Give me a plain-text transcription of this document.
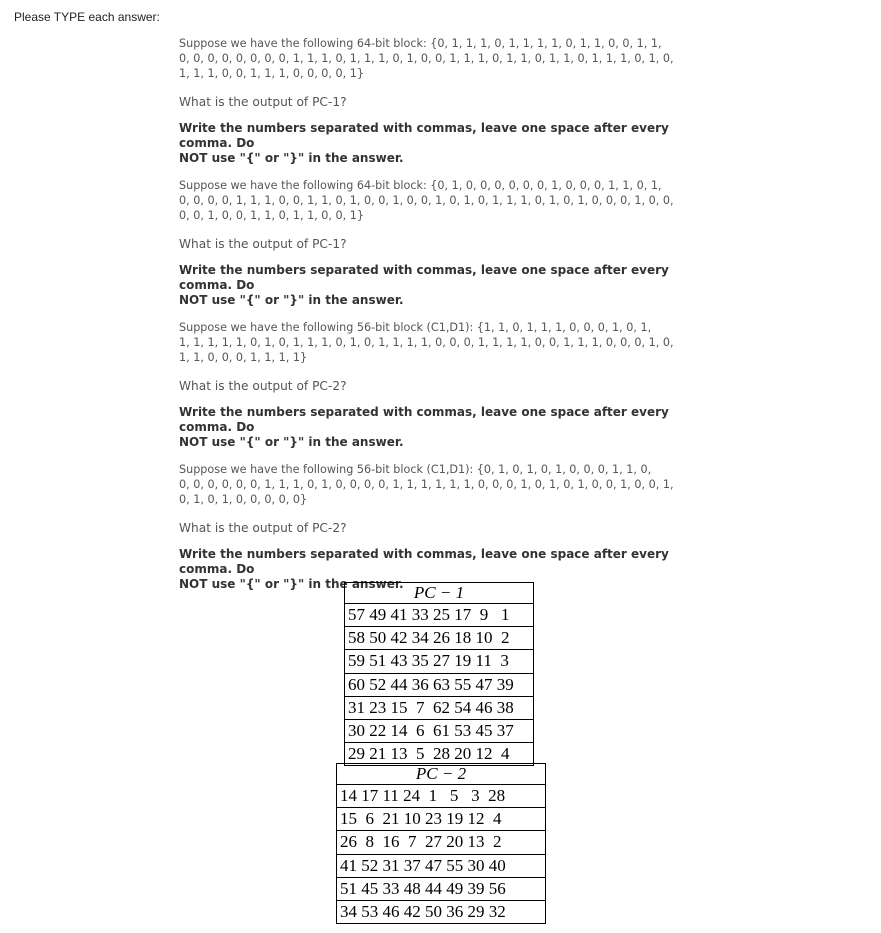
Please TYPE each answer:
Suppose we have the following 64-bit block: {0, 1, 1, 1, 0, 1, 1, 1, 1, 0, 1, 1, 0, 0, 1, 1,
0, 0, 0, 0, 0, 0, 0, 0, 1, 1, 1, 0, 1, 1, 1, 0, 1, 0, 0, 1, 1, 1, 0, 1, 1, 0, 1, 1, 0, 1, 1, 1, 0, 1, 0,
1, 1, 1, 0, 0, 1, 1, 1, 0, 0, 0, 0, 1}
What is the output of PC-1?
Write the numbers separated with commas, leave one space after every comma. Do
NOT use "{" or "}" in the answer.
Suppose we have the following 64-bit block: {0, 1, 0, 0, 0, 0, 0, 0, 1, 0, 0, 0, 1, 1, 0, 1,
0, 0, 0, 0, 1, 1, 1, 0, 0, 1, 1, 0, 1, 0, 0, 1, 0, 0, 1, 0, 1, 0, 1, 1, 1, 0, 1, 0, 1, 0, 0, 0, 1, 0, 0,
0, 0, 1, 0, 0, 1, 1, 0, 1, 1, 0, 0, 1}
What is the output of PC-1?
Write the numbers separated with commas, leave one space after every comma. Do
NOT use "{" or "}" in the answer.
Suppose we have the following 56-bit block (C1,D1): {1, 1, 0, 1, 1, 1, 0, 0, 0, 1, 0, 1,
1, 1, 1, 1, 1, 0, 1, 0, 1, 1, 1, 0, 1, 0, 1, 1, 1, 1, 0, 0, 0, 1, 1, 1, 1, 0, 0, 1, 1, 1, 0, 0, 0, 1, 0,
1, 1, 0, 0, 0, 1, 1, 1, 1}
What is the output of PC-2?
Write the numbers separated with commas, leave one space after every comma. Do
NOT use "{" or "}" in the answer.
Suppose we have the following 56-bit block (C1,D1): {0, 1, 0, 1, 0, 1, 0, 0, 0, 1, 1, 0,
0, 0, 0, 0, 0, 0, 1, 1, 1, 0, 1, 0, 0, 0, 0, 1, 1, 1, 1, 1, 1, 0, 0, 0, 1, 0, 1, 0, 1, 0, 0, 1, 0, 0, 1,
0, 1, 0, 1, 0, 0, 0, 0, 0}
What is the output of PC-2?
Write the numbers separated with commas, leave one space after every comma. Do
NOT use "{" or "}" in the answer. PC − 1
57 49 41 33 25 17  9   1
58 50 42 34 26 18 10  2
59 51 43 35 27 19 11  3
60 52 44 36 63 55 47 39
31 23 15  7  62 54 46 38
30 22 14  6  61 53 45 37
29 21 13  5  28 20 12  4
PC − 2
14 17 11 24  1   5   3  28
15  6  21 10 23 19 12  4
26  8  16  7  27 20 13  2
41 52 31 37 47 55 30 40
51 45 33 48 44 49 39 56
34 53 46 42 50 36 29 32
